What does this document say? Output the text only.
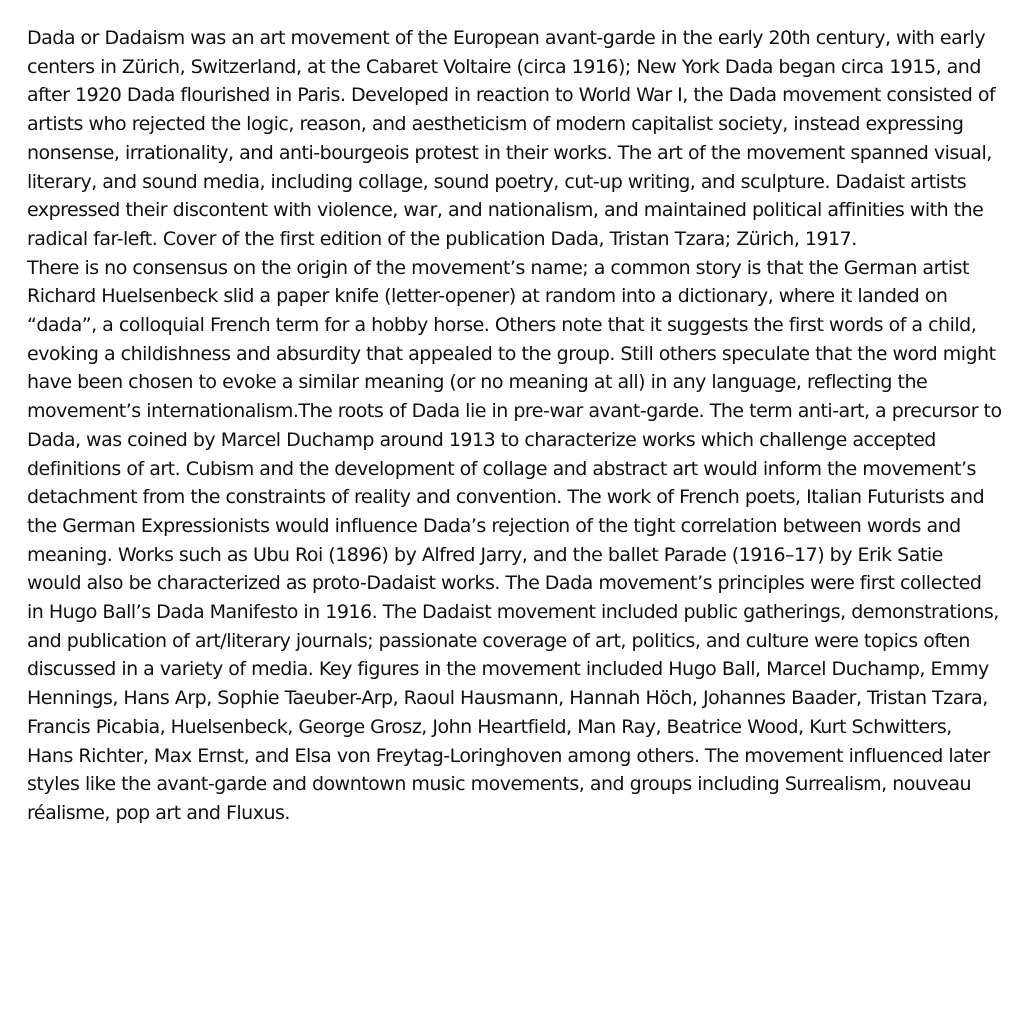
Dada or Dadaism was an art movement of the European avant-garde in the early 20th century, with early centers in Zürich, Switzerland, at the Cabaret Voltaire (circa 1916); New York Dada began circa 1915, and after 1920 Dada flourished in Paris. Developed in reaction to World War I, the Dada movement consisted of artists who rejected the logic, reason, and aestheticism of modern capitalist society, instead expressing nonsense, irrationality, and anti-bourgeois protest in their works. The art of the movement spanned visual, literary, and sound media, including collage, sound poetry, cut-up writing, and sculpture. Dadaist artists expressed their discontent with violence, war, and nationalism, and maintained political affinities with the radical far-left. Cover of the first edition of the publication Dada, Tristan Tzara; Zürich, 1917.

There is no consensus on the origin of the movement’s name; a common story is that the German artist Richard Huelsenbeck slid a paper knife (letter-opener) at random into a dictionary, where it landed on “dada”, a colloquial French term for a hobby horse. Others note that it suggests the first words of a child, evoking a childishness and absurdity that appealed to the group. Still others speculate that the word might have been chosen to evoke a similar meaning (or no meaning at all) in any language, reflecting the movement’s internationalism.The roots of Dada lie in pre-war avant-garde. The term anti-art, a precursor to Dada, was coined by Marcel Duchamp around 1913 to characterize works which challenge accepted definitions of art. Cubism and the development of collage and abstract art would inform the movement’s detachment from the constraints of reality and convention. The work of French poets, Italian Futurists and the German Expressionists would influence Dada’s rejection of the tight correlation between words and meaning. Works such as Ubu Roi (1896) by Alfred Jarry, and the ballet Parade (1916–17) by Erik Satie would also be characterized as proto-Dadaist works. The Dada movement’s principles were first collected in Hugo Ball’s Dada Manifesto in 1916. The Dadaist movement included public gatherings, demonstrations, and publication of art/literary journals; passionate coverage of art, politics, and culture were topics often discussed in a variety of media. Key figures in the movement included Hugo Ball, Marcel Duchamp, Emmy Hennings, Hans Arp, Sophie Taeuber-Arp, Raoul Hausmann, Hannah Höch, Johannes Baader, Tristan Tzara, Francis Picabia, Huelsenbeck, George Grosz, John Heartfield, Man Ray, Beatrice Wood, Kurt Schwitters, Hans Richter, Max Ernst, and Elsa von Freytag-Loringhoven among others. The movement influenced later styles like the avant-garde and downtown music movements, and groups including Surrealism, nouveau réalisme, pop art and Fluxus.
